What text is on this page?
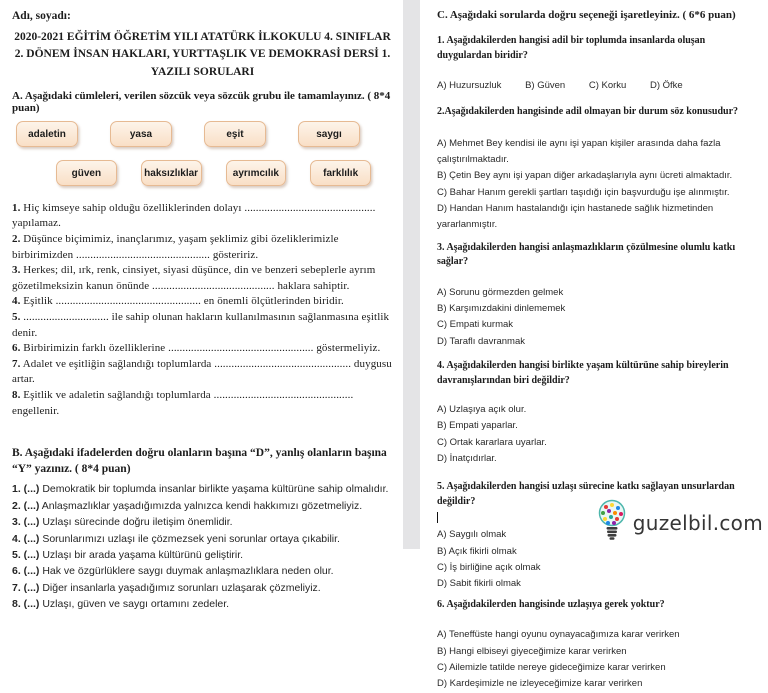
Adı, soyadı:
2020-2021 EĞİTİM ÖĞRETİM YILI ATATÜRK İLKOKULU 4. SINIFLAR 2. DÖNEM İNSAN HAKLARI, YURTTAŞLIK VE DEMOKRASİ DERSİ 1. YAZILI SORULARI
A. Aşağıdaki cümleleri, verilen sözcük veya sözcük grubu ile tamamlayınız. ( 8*4 puan)
adaletin	yasa	eşit	saygı
güven	haksızlıklar	ayrımcılık	farklılık
1. Hiç kimseye sahip olduğu özelliklerinden dolayı .............................................. yapılamaz.
2. Düşünce biçimimiz, inançlarımız, yaşam şeklimiz gibi özeliklerimizle birbirimizden ............................................... gösteririz.
3. Herkes; dil, ırk, renk, cinsiyet, siyasi düşünce, din ve benzeri sebeplerle ayrım gözetilmeksizin kanun önünde ........................................... haklara sahiptir.
4. Eşitlik ................................................... en önemli ölçütlerinden biridir.
5. .............................. ile sahip olunan hakların kullanılmasının sağlanmasına eşitlik denir.
6. Birbirimizin farklı özelliklerine ................................................... göstermeliyiz.
7. Adalet ve eşitliğin sağlandığı toplumlarda ................................................ duygusu artar.
8. Eşitlik ve adaletin sağlandığı toplumlarda ................................................. engellenir.
B. Aşağıdaki ifadelerden doğru olanların başına “D”, yanlış olanların başına “Y” yazınız. ( 8*4 puan)
1. (...) Demokratik bir toplumda insanlar birlikte yaşama kültürüne sahip olmalıdır.
2. (...) Anlaşmazlıklar yaşadığımızda yalnızca kendi hakkımızı gözetmeliyiz.
3. (...) Uzlaşı sürecinde doğru iletişim önemlidir.
4. (...) Sorunlarımızı uzlaşı ile çözmezsek yeni sorunlar ortaya çıkabilir.
5. (...) Uzlaşı bir arada yaşama kültürünü geliştirir.
6. (...) Hak ve özgürlüklere saygı duymak anlaşmazlıklara neden olur.
7. (...) Diğer insanlarla yaşadığımız sorunları uzlaşarak çözmeliyiz.
8. (...) Uzlaşı, güven ve saygı ortamını zedeler.
C. Aşağıdaki sorularda doğru seçeneği işaretleyiniz. ( 6*6 puan)
1. Aşağıdakilerden hangisi adil bir toplumda insanlarda oluşan duygulardan biridir?
A) Huzursuzluk B) Güven C) Korku D) Öfke
2.Aşağıdakilerden hangisinde adil olmayan bir durum söz konusudur?
A) Mehmet Bey kendisi ile aynı işi yapan kişiler arasında daha fazla çalıştırılmaktadır.
B) Çetin Bey aynı işi yapan diğer arkadaşlarıyla aynı ücreti almaktadır.
C) Bahar Hanım gerekli şartları taşıdığı için başvurduğu işe alınmıştır.
D) Handan Hanım hastalandığı için hastanede sağlık hizmetinden yararlanmıştır.
3. Aşağıdakilerden hangisi anlaşmazlıkların çözülmesine olumlu katkı sağlar?
A) Sorunu görmezden gelmek
B) Karşımızdakini dinlememek
C) Empati kurmak
D) Taraflı davranmak
4. Aşağıdakilerden hangisi birlikte yaşam kültürüne sahip bireylerin davranışlarından biri değildir?
A) Uzlaşıya açık olur.
B) Empati yaparlar.
C) Ortak kararlara uyarlar.
D) İnatçıdırlar.
5. Aşağıdakilerden hangisi uzlaşı sürecine katkı sağlayan unsurlardan değildir?
A) Saygılı olmak
B) Açık fikirli olmak
C) İş birliğine açık olmak
D) Sabit fikirli olmak
6. Aşağıdakilerden hangisinde uzlaşıya gerek yoktur?
A) Teneffüste hangi oyunu oynayacağımıza karar verirken
B) Hangi elbiseyi giyeceğimize karar verirken
C) Ailemizle tatilde nereye gideceğimize karar verirken
D) Kardeşimizle ne izleyeceğimize karar verirken
guzelbil.com
